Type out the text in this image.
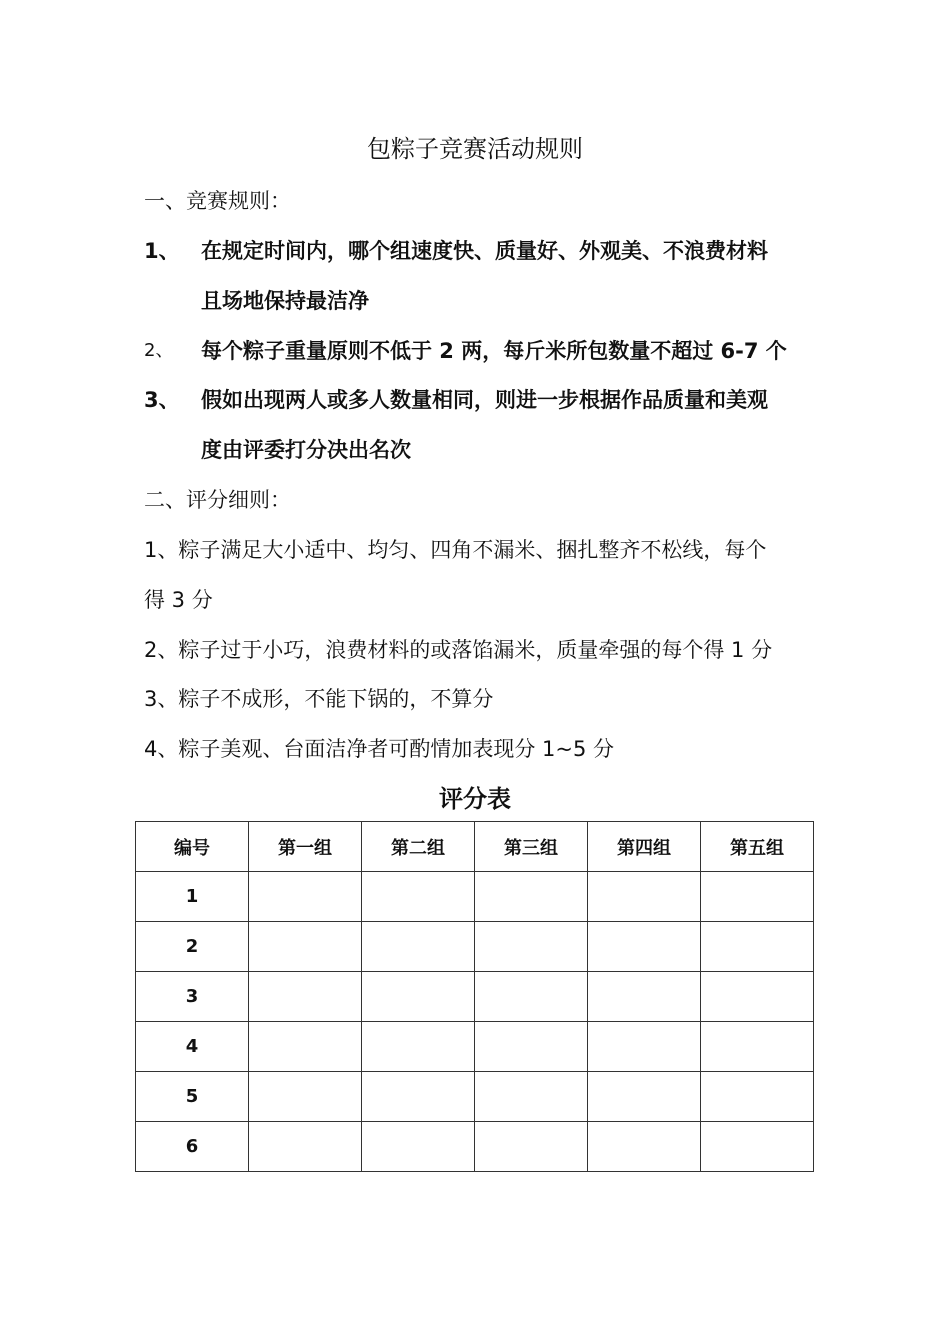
包粽子竞赛活动规则
一、竞赛规则：
1、 在规定时间内，哪个组速度快、质量好、外观美、不浪费材料
且场地保持最洁净
2、 每个粽子重量原则不低于 2 两，每斤米所包数量不超过 6-7 个
3、 假如出现两人或多人数量相同，则进一步根据作品质量和美观
度由评委打分决出名次
二、评分细则：
1、粽子满足大小适中、均匀、四角不漏米、捆扎整齐不松线，每个
得 3 分
2、粽子过于小巧，浪费材料的或落馅漏米，质量牵强的每个得 1 分
3、粽子不成形，不能下锅的，不算分
4、粽子美观、台面洁净者可酌情加表现分 1~5 分
评分表
编号	第一组	第二组	第三组	第四组	第五组
1					
2					
3					
4					
5					
6					
